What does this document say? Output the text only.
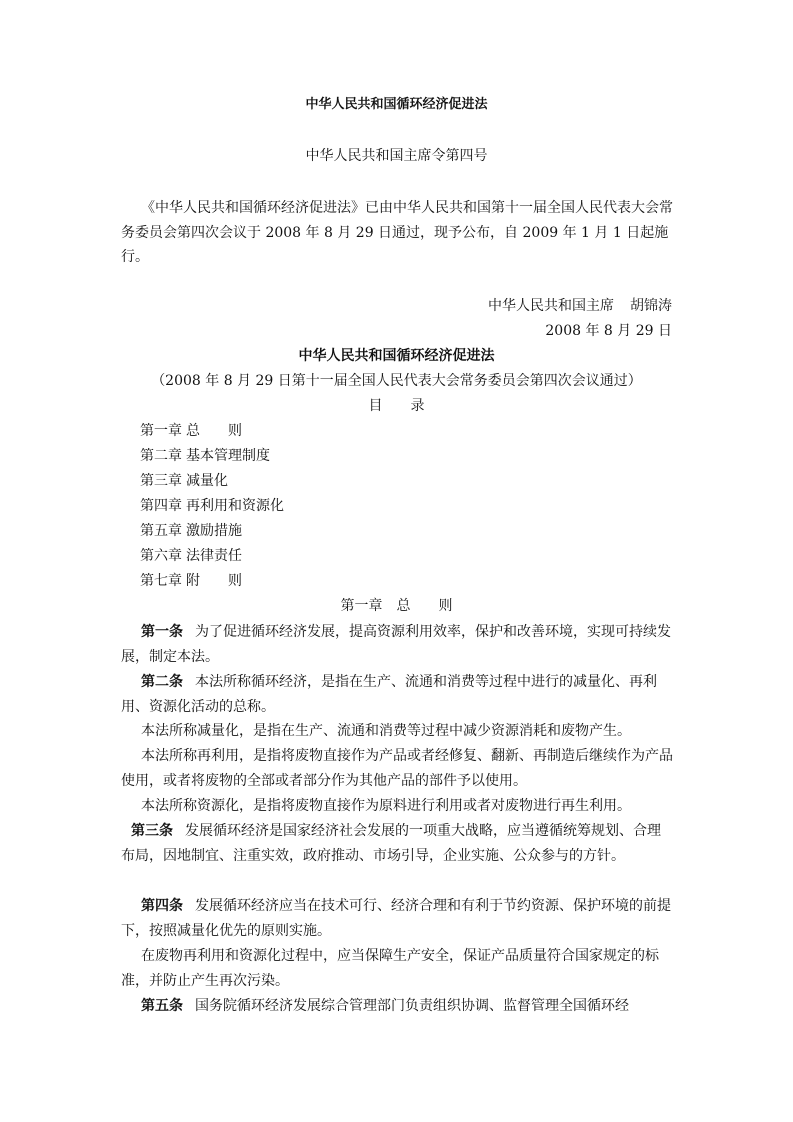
中华人民共和国循环经济促进法
中华人民共和国主席令第四号
《中华人民共和国循环经济促进法》已由中华人民共和国第十一届全国人民代表大会常务委员会第四次会议于 2008 年 8 月 29 日通过，现予公布，自 2009 年 1 月 1 日起施行。
中华人民共和国主席 胡锦涛
2008 年 8 月 29 日
中华人民共和国循环经济促进法
（2008 年 8 月 29 日第十一届全国人民代表大会常务委员会第四次会议通过）
目　　录
第一章 总　　则
第二章 基本管理制度
第三章 减量化
第四章 再利用和资源化
第五章 激励措施
第六章 法律责任
第七章 附　　则
第一章　总　　则
第一条 为了促进循环经济发展，提高资源利用效率，保护和改善环境，实现可持续发展，制定本法。
第二条 本法所称循环经济，是指在生产、流通和消费等过程中进行的减量化、再利用、资源化活动的总称。
本法所称减量化，是指在生产、流通和消费等过程中减少资源消耗和废物产生。
本法所称再利用，是指将废物直接作为产品或者经修复、翻新、再制造后继续作为产品使用，或者将废物的全部或者部分作为其他产品的部件予以使用。
本法所称资源化，是指将废物直接作为原料进行利用或者对废物进行再生利用。
第三条 发展循环经济是国家经济社会发展的一项重大战略，应当遵循统筹规划、合理布局，因地制宜、注重实效，政府推动、市场引导，企业实施、公众参与的方针。
第四条 发展循环经济应当在技术可行、经济合理和有利于节约资源、保护环境的前提下，按照减量化优先的原则实施。
在废物再利用和资源化过程中，应当保障生产安全，保证产品质量符合国家规定的标准，并防止产生再次污染。
第五条 国务院循环经济发展综合管理部门负责组织协调、监督管理全国循环经
